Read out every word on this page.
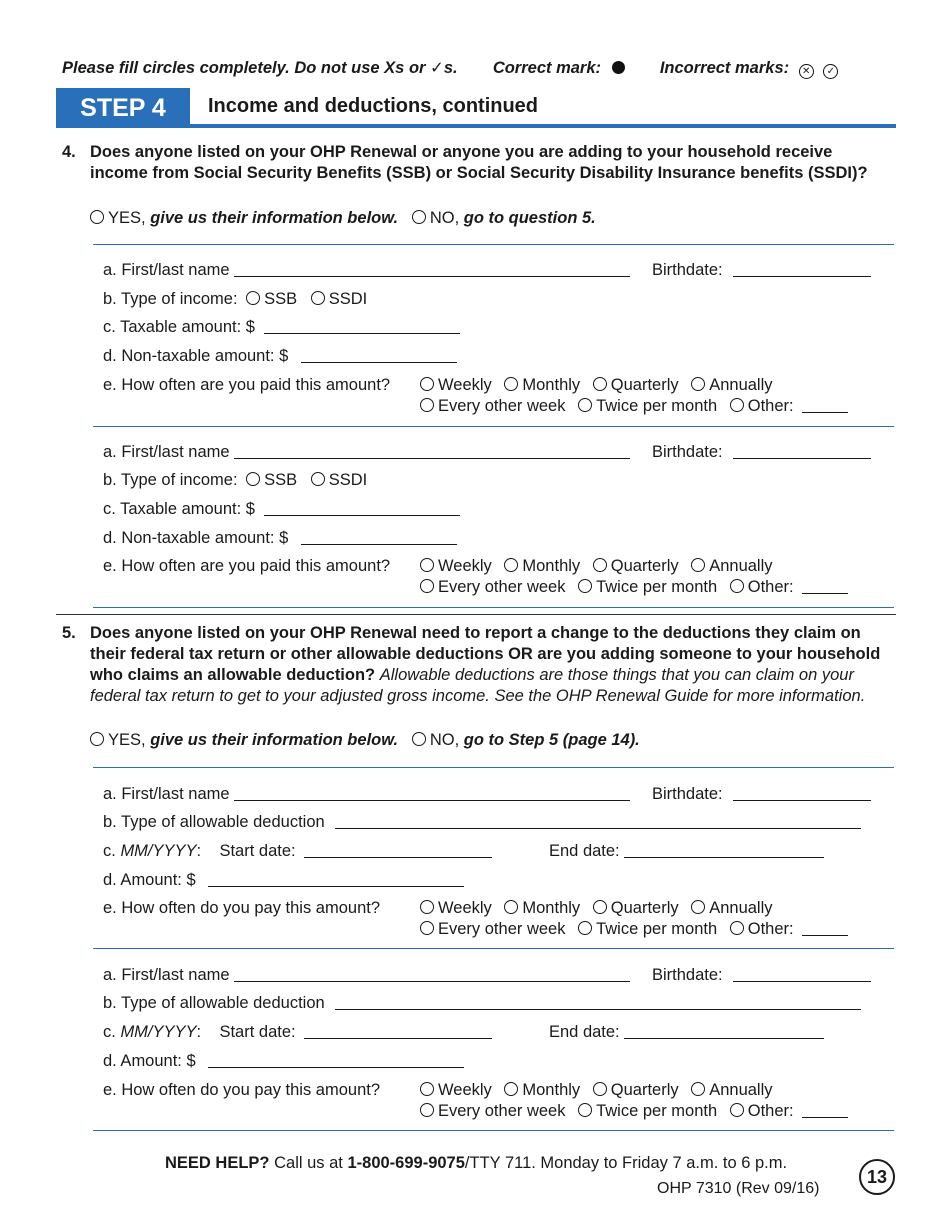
Please fill circles completely. Do not use Xs or ✓s. Correct mark:	Incorrect marks: ✕ ✓
STEP 4	Income and deductions, continued
4. Does anyone listed on your OHP Renewal or anyone you are adding to your household receive income from Social Security Benefits (SSB) or Social Security Disability Insurance benefits (SSDI)?
YES, give us their information below. NO, go to question 5.
a. First/last name	Birthdate:
b. Type of income: SSB SSDI
c. Taxable amount: $
d. Non-taxable amount: $
e. How often are you paid this amount?	Weekly Monthly Quarterly Annually
Every other week Twice per month Other:
a. First/last name	Birthdate:
b. Type of income: SSB SSDI
c. Taxable amount: $
d. Non-taxable amount: $
e. How often are you paid this amount?	Weekly Monthly Quarterly Annually
Every other week Twice per month Other:
5. Does anyone listed on your OHP Renewal need to report a change to the deductions they claim on their federal tax return or other allowable deductions OR are you adding someone to your household who claims an allowable deduction? Allowable deductions are those things that you can claim on your federal tax return to get to your adjusted gross income. See the OHP Renewal Guide for more information.
YES, give us their information below. NO, go to Step 5 (page 14).
a. First/last name	Birthdate:
b. Type of allowable deduction
c. MM/YYYY:    Start date:	End date:
d. Amount: $
e. How often do you pay this amount?	Weekly Monthly Quarterly Annually
Every other week Twice per month Other:
a. First/last name	Birthdate:
b. Type of allowable deduction
c. MM/YYYY:    Start date:	End date:
d. Amount: $
e. How often do you pay this amount?	Weekly Monthly Quarterly Annually
Every other week Twice per month Other:
NEED HELP? Call us at 1-800-699-9075/TTY 711. Monday to Friday 7 a.m. to 6 p.m.
OHP 7310 (Rev 09/16)
13
